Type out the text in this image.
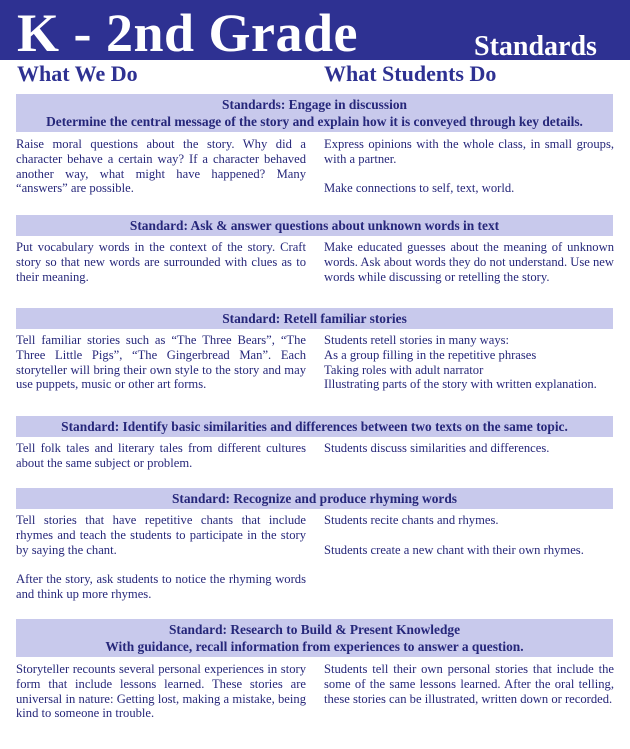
K - 2nd Grade	Standards
What We Do	What Students Do
Standards: Engage in discussion
Determine the central message of the story and explain how it is conveyed through key details.

Raise moral questions about the story. Why did a character behave a certain way? If a character behaved another way, what might have happened? Many “answers” are possible.

Express opinions with the whole class, in small groups, with a partner.

Make connections to self, text, world.

Standard: Ask & answer questions about unknown words in text

Put vocabulary words in the context of the story. Craft story so that new words are surrounded with clues as to their meaning.

Make educated guesses about the meaning of unknown words. Ask about words they do not understand. Use new words while discussing or retelling the story.

Standard: Retell familiar stories

Tell familiar stories such as “The Three Bears”, “The Three Little Pigs”, “The Gingerbread Man”. Each storyteller will bring their own style to the story and may use puppets, music or other art forms.

Students retell stories in many ways:

As a group filling in the repetitive phrases

Taking roles with adult narrator

Illustrating parts of the story with written explanation.

Standard: Identify basic similarities and differences between two texts on the same topic.

Tell folk tales and literary tales from different cultures about the same subject or problem.

Students discuss similarities and differences.

Standard: Recognize and produce rhyming words

Tell stories that have repetitive chants that include rhymes and teach the students to participate in the story by saying the chant.

After the story, ask students to notice the rhyming words and think up more rhymes.

Students recite chants and rhymes.

Students create a new chant with their own rhymes.

Standard: Research to Build & Present Knowledge
With guidance, recall information from experiences to answer a question.

Storyteller recounts several personal experiences in story form that include lessons learned. These stories are universal in nature: Getting lost, making a mistake, being kind to someone in trouble.

Students tell their own personal stories that include the some of the same lessons learned. After the oral telling, these stories can be illustrated, written down or recorded.
